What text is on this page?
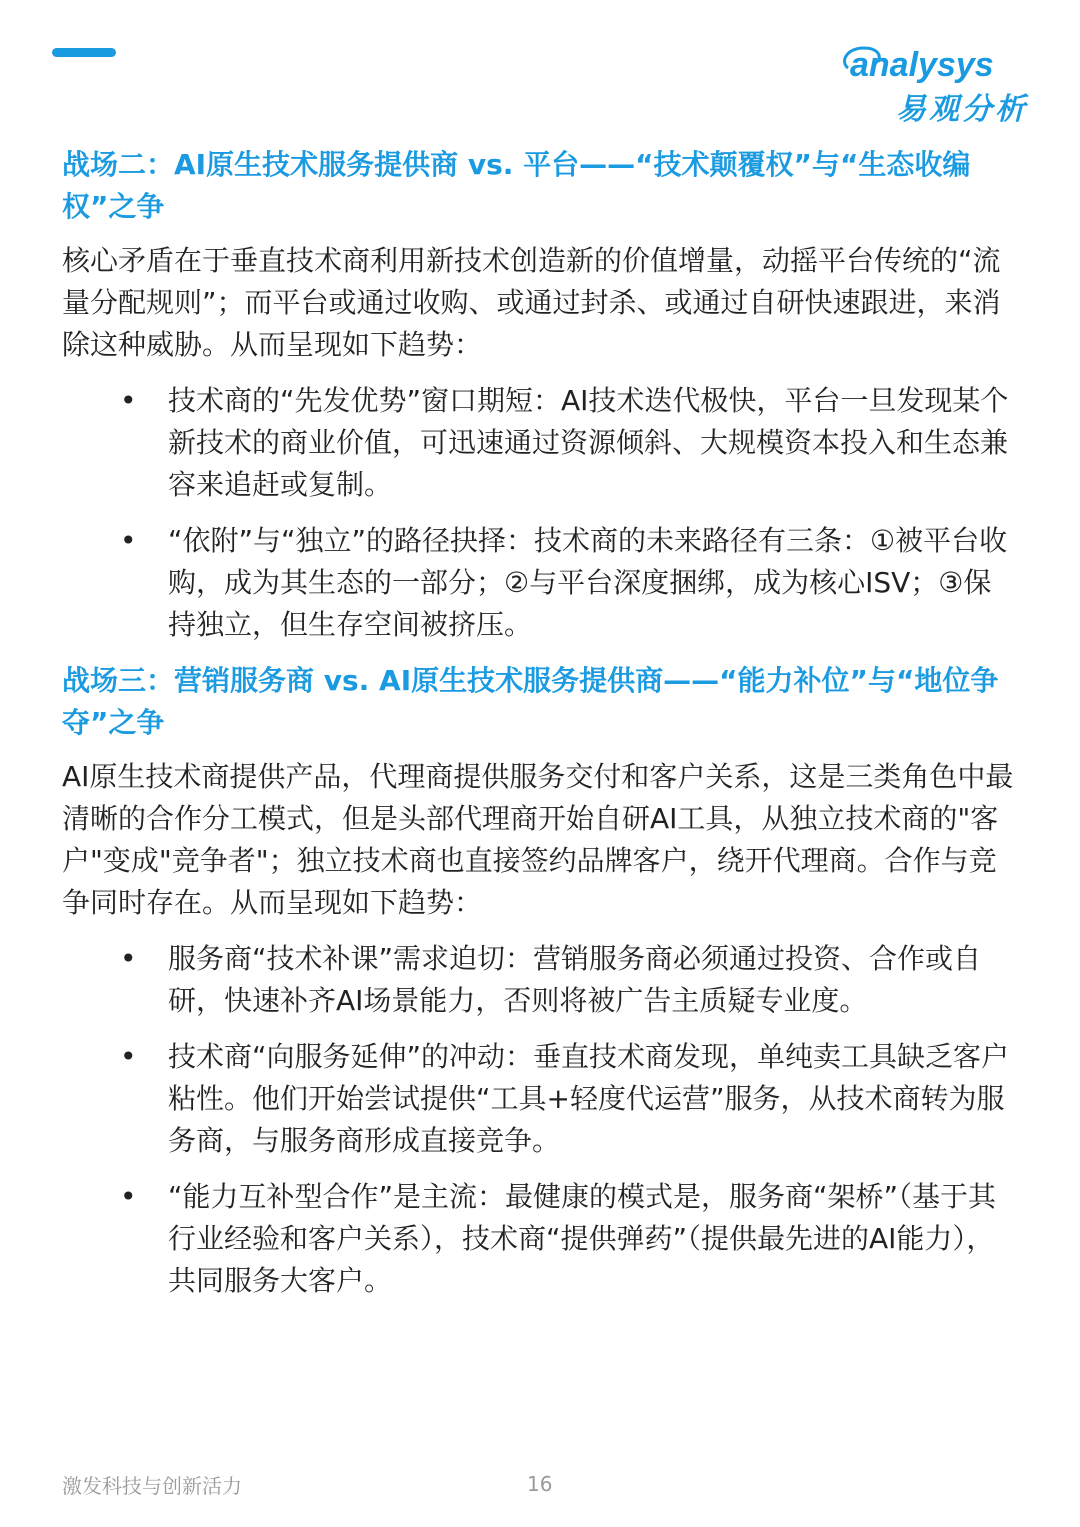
analysys
易观分析
战场二：AI原生技术服务提供商 vs. 平台——“技术颠覆权”与“生态收编权”之争

核心矛盾在于垂直技术商利用新技术创造新的价值增量，动摇平台传统的“流量分配规则”；而平台或通过收购、或通过封杀、或通过自研快速跟进，来消除这种威胁。从而呈现如下趋势：

• 技术商的“先发优势”窗口期短：AI技术迭代极快，平台一旦发现某个新技术的商业价值，可迅速通过资源倾斜、大规模资本投入和生态兼容来追赶或复制。
• “依附”与“独立”的路径抉择：技术商的未来路径有三条：①被平台收购，成为其生态的一部分；②与平台深度捆绑，成为核心ISV；③保持独立，但生存空间被挤压。
战场三：营销服务商 vs. AI原生技术服务提供商——“能力补位”与“地位争夺”之争

AI原生技术商提供产品，代理商提供服务交付和客户关系，这是三类角色中最清晰的合作分工模式，但是头部代理商开始自研AI工具，从独立技术商的"客户"变成"竞争者"；独立技术商也直接签约品牌客户，绕开代理商。合作与竞争同时存在。从而呈现如下趋势：

• 服务商“技术补课”需求迫切：营销服务商必须通过投资、合作或自研，快速补齐AI场景能力，否则将被广告主质疑专业度。
• 技术商“向服务延伸”的冲动：垂直技术商发现，单纯卖工具缺乏客户粘性。他们开始尝试提供“工具+轻度代运营”服务，从技术商转为服务商，与服务商形成直接竞争。
• “能力互补型合作”是主流：最健康的模式是，服务商“架桥”（基于其行业经验和客户关系），技术商“提供弹药”（提供最先进的AI能力），共同服务大客户。
激发科技与创新活力	16
